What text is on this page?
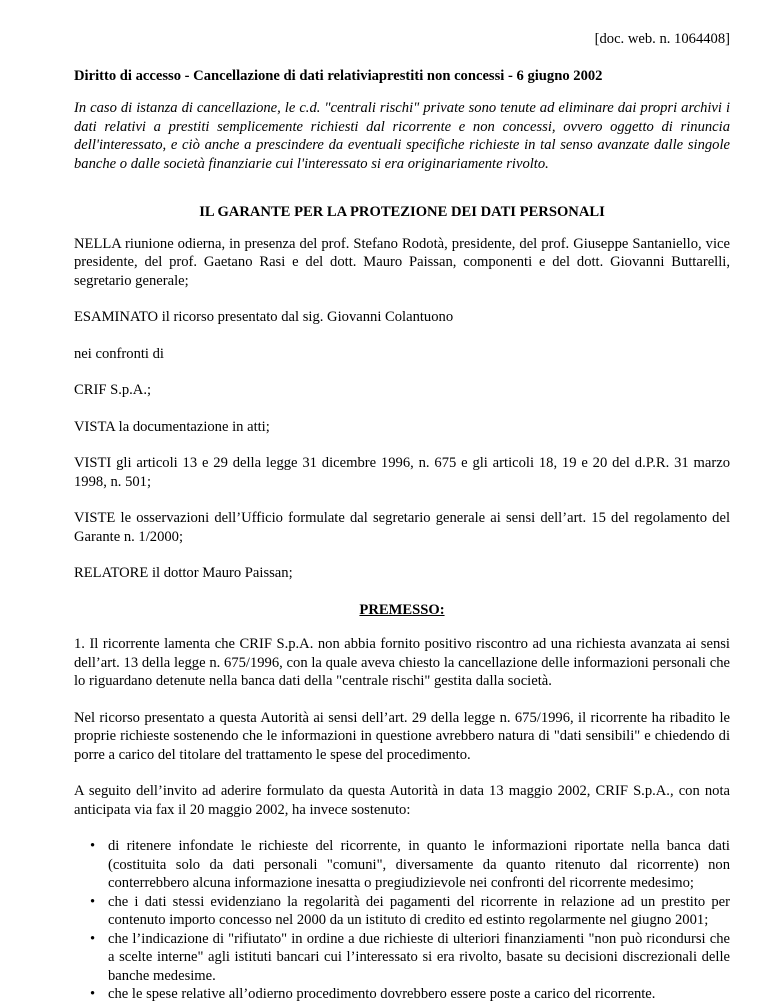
[doc. web. n. 1064408]
Diritto di accesso - Cancellazione di dati relativiaprestiti non concessi - 6 giugno 2002
In caso di istanza di cancellazione, le c.d. "centrali rischi" private sono tenute ad eliminare dai propri archivi i dati relativi a prestiti semplicemente richiesti dal ricorrente e non concessi, ovvero oggetto di rinuncia dell'interessato, e ciò anche a prescindere da eventuali specifiche richieste in tal senso avanzate dalle singole banche o dalle società finanziarie cui l'interessato si era originariamente rivolto.
IL GARANTE PER LA PROTEZIONE DEI DATI PERSONALI

NELLA riunione odierna, in presenza del prof. Stefano Rodotà, presidente, del prof. Giuseppe Santaniello, vice presidente, del prof. Gaetano Rasi e del dott. Mauro Paissan, componenti e del dott. Giovanni Buttarelli, segretario generale;

ESAMINATO il ricorso presentato dal sig. Giovanni Colantuono

nei confronti di

CRIF S.p.A.;

VISTA la documentazione in atti;

VISTI gli articoli 13 e 29 della legge 31 dicembre 1996, n. 675 e gli articoli 18, 19 e 20 del d.P.R. 31 marzo 1998, n. 501;

VISTE le osservazioni dell’Ufficio formulate dal segretario generale ai sensi dell’art. 15 del regolamento del Garante n. 1/2000;

RELATORE il dottor Mauro Paissan;

PREMESSO:

1. Il ricorrente lamenta che CRIF S.p.A. non abbia fornito positivo riscontro ad una richiesta avanzata ai sensi dell’art. 13 della legge n. 675/1996, con la quale aveva chiesto la cancellazione delle informazioni personali che lo riguardano detenute nella banca dati della "centrale rischi" gestita dalla società.

Nel ricorso presentato a questa Autorità ai sensi dell’art. 29 della legge n. 675/1996, il ricorrente ha ribadito le proprie richieste sostenendo che le informazioni in questione avrebbero natura di "dati sensibili" e chiedendo di porre a carico del titolare del trattamento le spese del procedimento.

A seguito dell’invito ad aderire formulato da questa Autorità in data 13 maggio 2002, CRIF S.p.A., con nota anticipata via fax il 20 maggio 2002, ha invece sostenuto:

• di ritenere infondate le richieste del ricorrente, in quanto le informazioni riportate nella banca dati (costituita solo da dati personali "comuni", diversamente da quanto ritenuto dal ricorrente) non conterrebbero alcuna informazione inesatta o pregiudizievole nei confronti del ricorrente medesimo;
• che i dati stessi evidenziano la regolarità dei pagamenti del ricorrente in relazione ad un prestito per contenuto importo concesso nel 2000 da un istituto di credito ed estinto regolarmente nel giugno 2001;
• che l’indicazione di "rifiutato" in ordine a due richieste di ulteriori finanziamenti "non può ricondursi che a scelte interne" agli istituti bancari cui l’interessato si era rivolto, basate su decisioni discrezionali delle banche medesime.
• che le spese relative all’odierno procedimento dovrebbero essere poste a carico del ricorrente.
